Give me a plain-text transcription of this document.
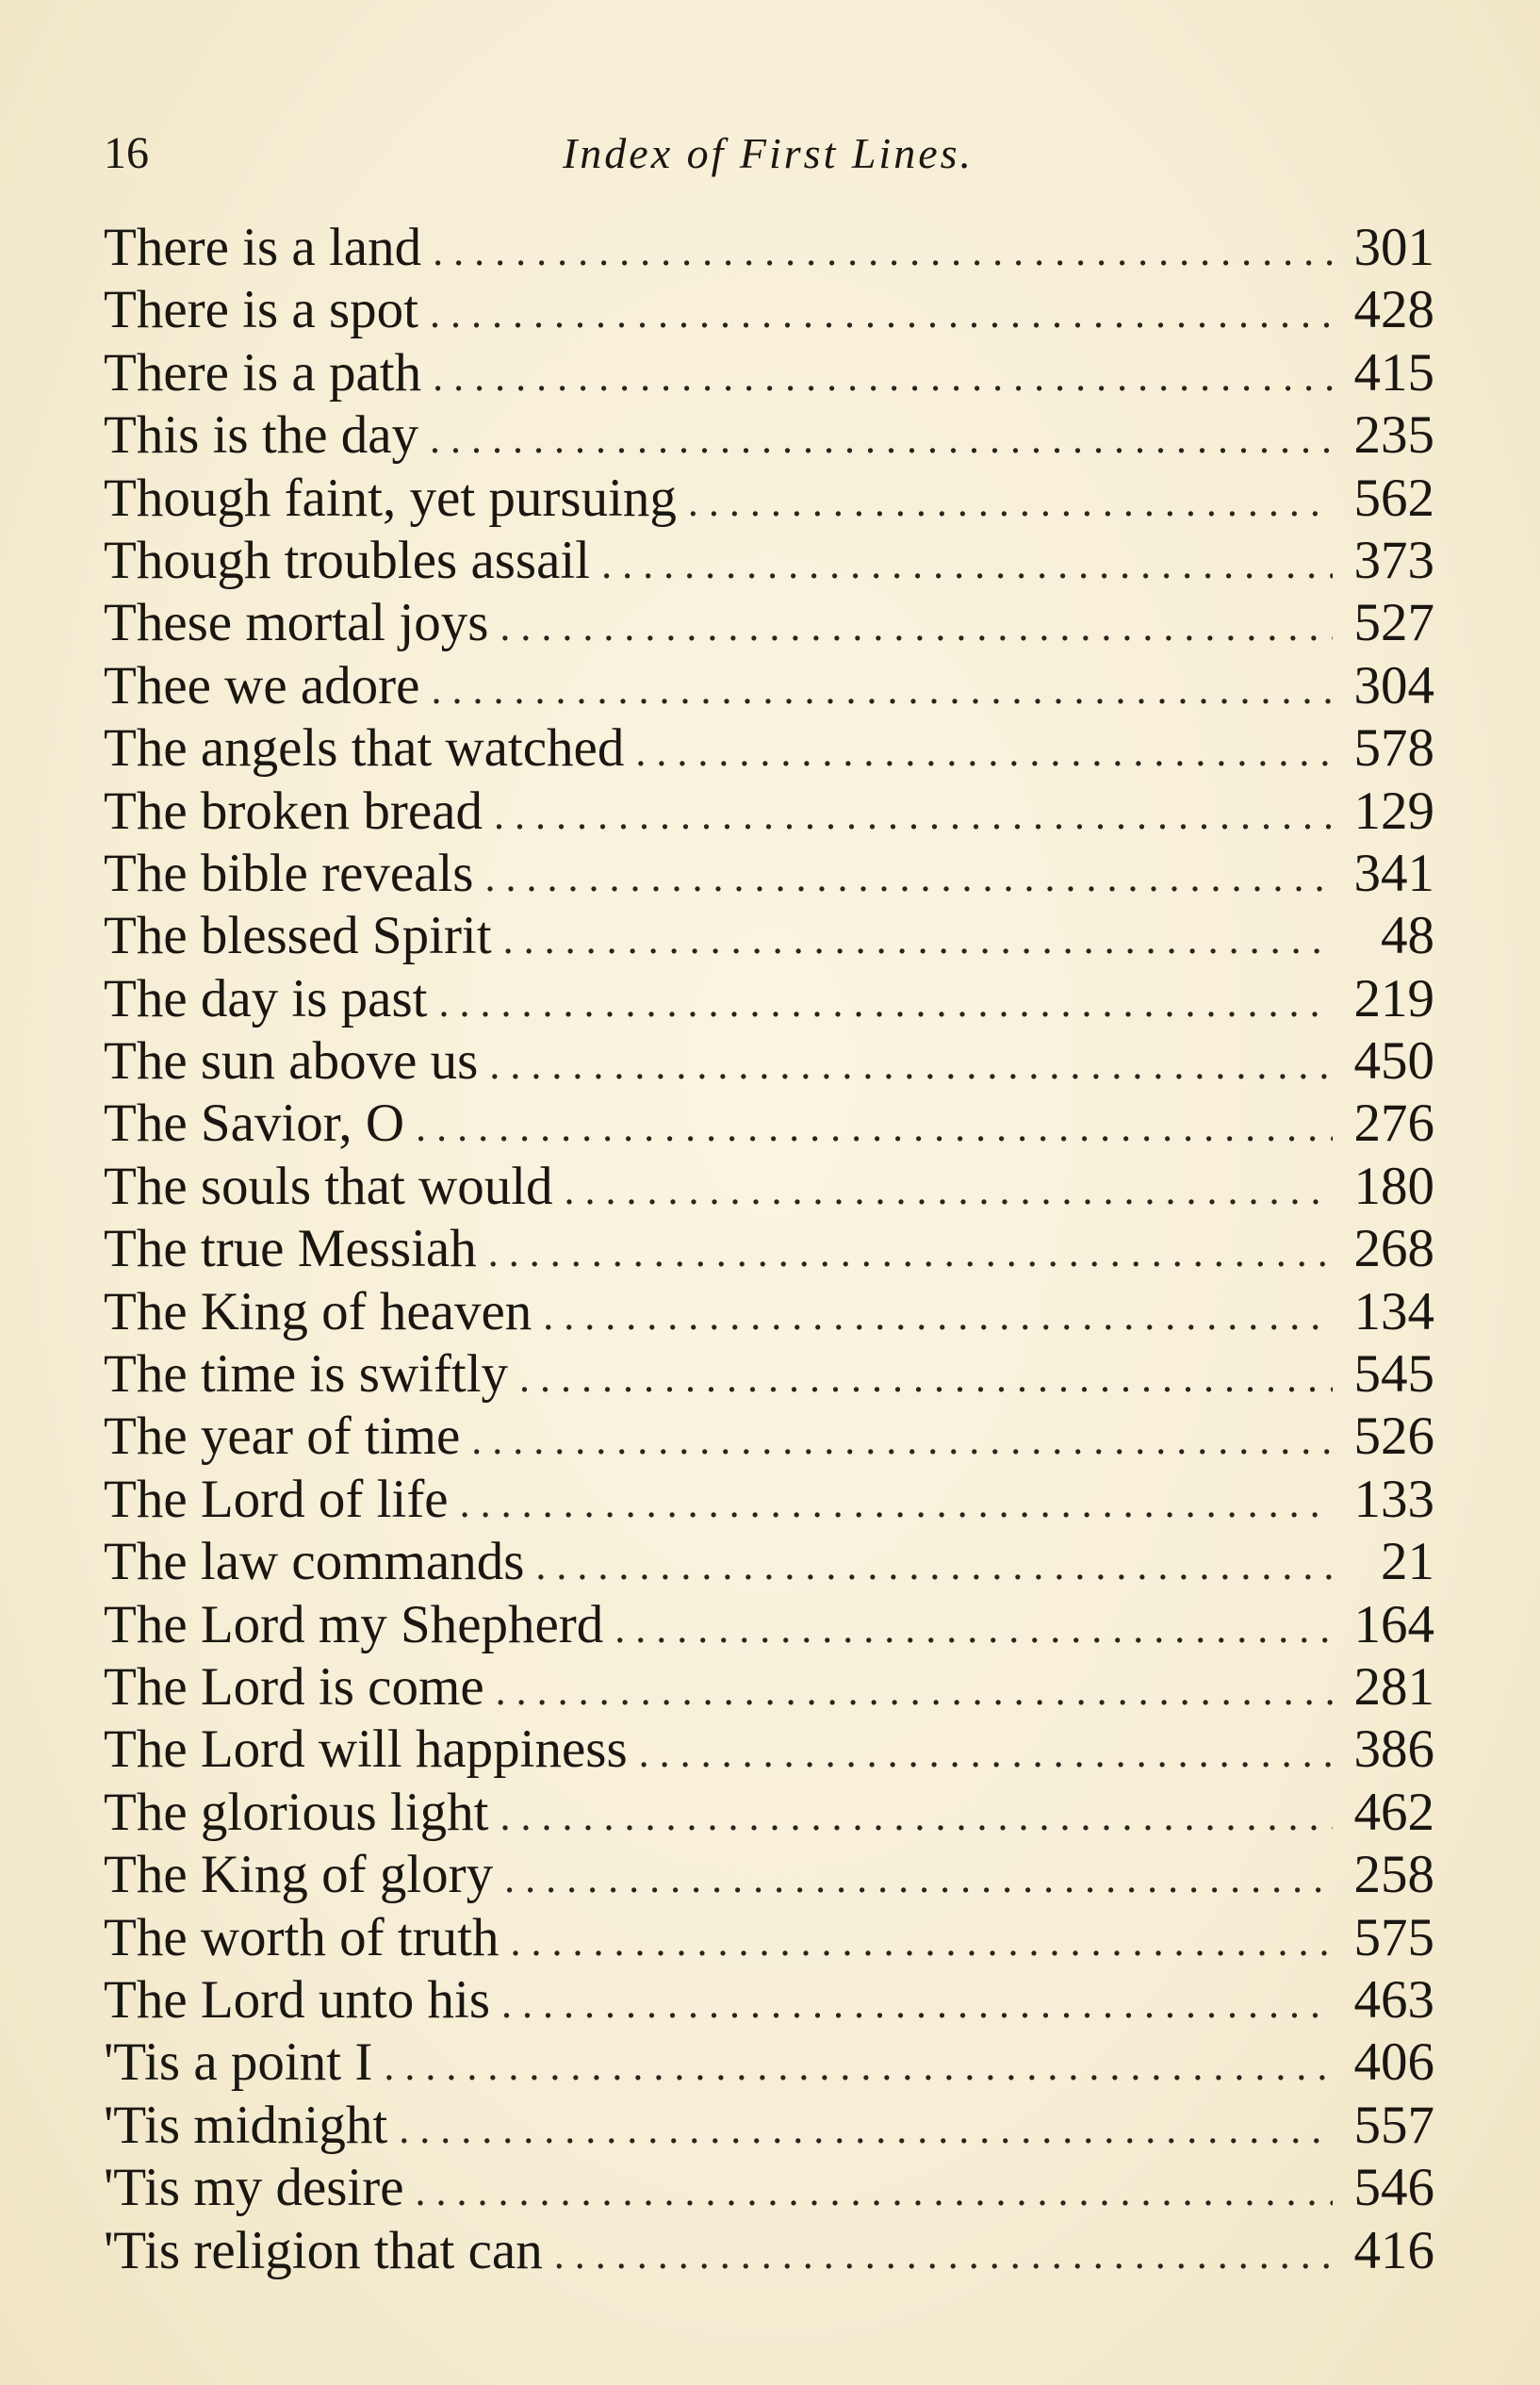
16	Index of First Lines.
There is a land .....	301
There is a spot .....	428
There is a path .....	415
This is the day .....	235
Though faint, yet pursuing .....	562
Though troubles assail .....	373
These mortal joys .....	527
Thee we adore .....	304
The angels that watched .....	578
The broken bread .....	129
The bible reveals .....	341
The blessed Spirit .....	48
The day is past .....	219
The sun above us .....	450
The Savior, O .....	276
The souls that would .....	180
The true Messiah .....	268
The King of heaven .....	134
The time is swiftly .....	545
The year of time .....	526
The Lord of life .....	133
The law commands .....	21
The Lord my Shepherd .....	164
The Lord is come .....	281
The Lord will happiness .....	386
The glorious light .....	462
The King of glory .....	258
The worth of truth .....	575
The Lord unto his .....	463
'Tis a point I .....	406
'Tis midnight .....	557
'Tis my desire .....	546
'Tis religion that can .....	416
